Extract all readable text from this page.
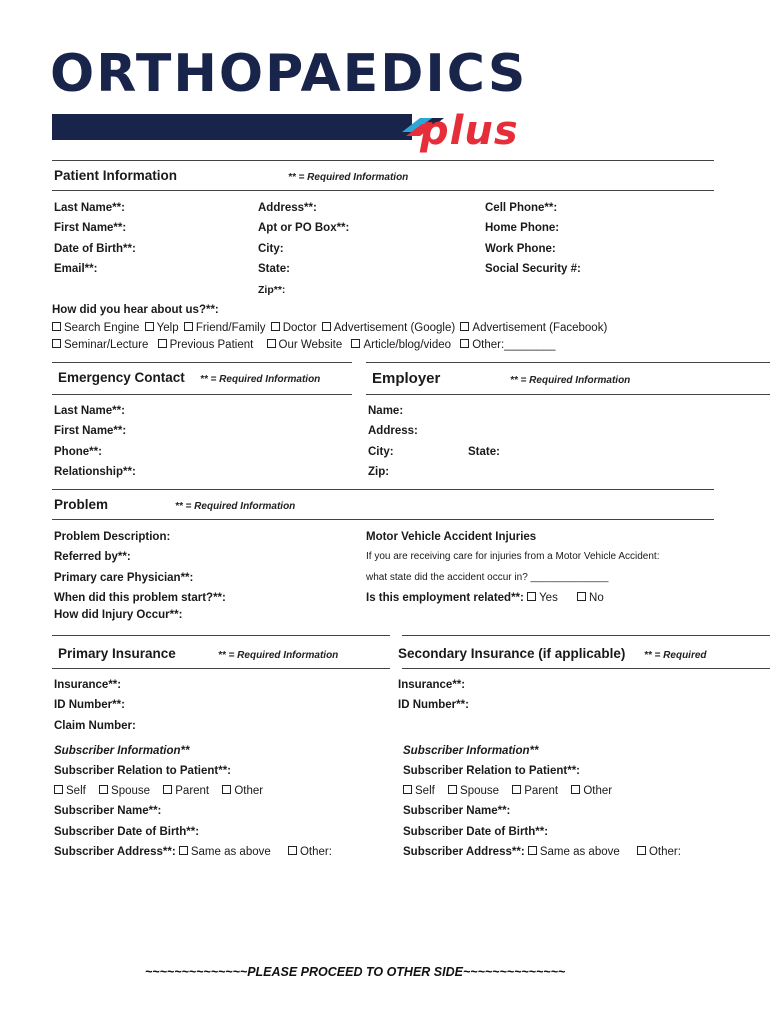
ORTHOPAEDICS
plus
Patient Information	** = Required Information
Last Name**:
First Name**:
Date of Birth**:
Email**:
Address**:
Apt or PO Box**:
City:
State:
Zip**:
Cell Phone**:
Home Phone:
Work Phone:
Social Security #:
How did you hear about us?**:
Search Engine Yelp Friend/Family Doctor Advertisement (Google) Advertisement (Facebook)
Seminar/Lecture Previous Patient Our Website Article/blog/video Other:________
Emergency Contact ** = Required Information	Employer	** = Required Information
Last Name**:
First Name**:
Phone**:
Relationship**:
Name:
Address:
City:	State:
Zip:
Problem	** = Required Information
Problem Description:
Referred by**:
Primary care Physician**:
When did this problem start?**:
How did Injury Occur**:
Motor Vehicle Accident Injuries
If you are receiving care for injuries from a Motor Vehicle Accident:
what state did the accident occur in? ______________
Is this employment related**: Yes	No
Primary Insurance	** = Required Information	Secondary Insurance (if applicable) ** = Required
Insurance**:
ID Number**:
Claim Number:
Insurance**:
ID Number**:
Subscriber Information**
Subscriber Relation to Patient**:
Self Spouse Parent Other
Subscriber Name**:
Subscriber Date of Birth**:
Subscriber Address**: Same as above	Other:
Subscriber Information**
Subscriber Relation to Patient**:
Self Spouse Parent Other
Subscriber Name**:
Subscriber Date of Birth**:
Subscriber Address**: Same as above	Other:
~~~~~~~~~~~~~~PLEASE PROCEED TO OTHER SIDE~~~~~~~~~~~~~~
